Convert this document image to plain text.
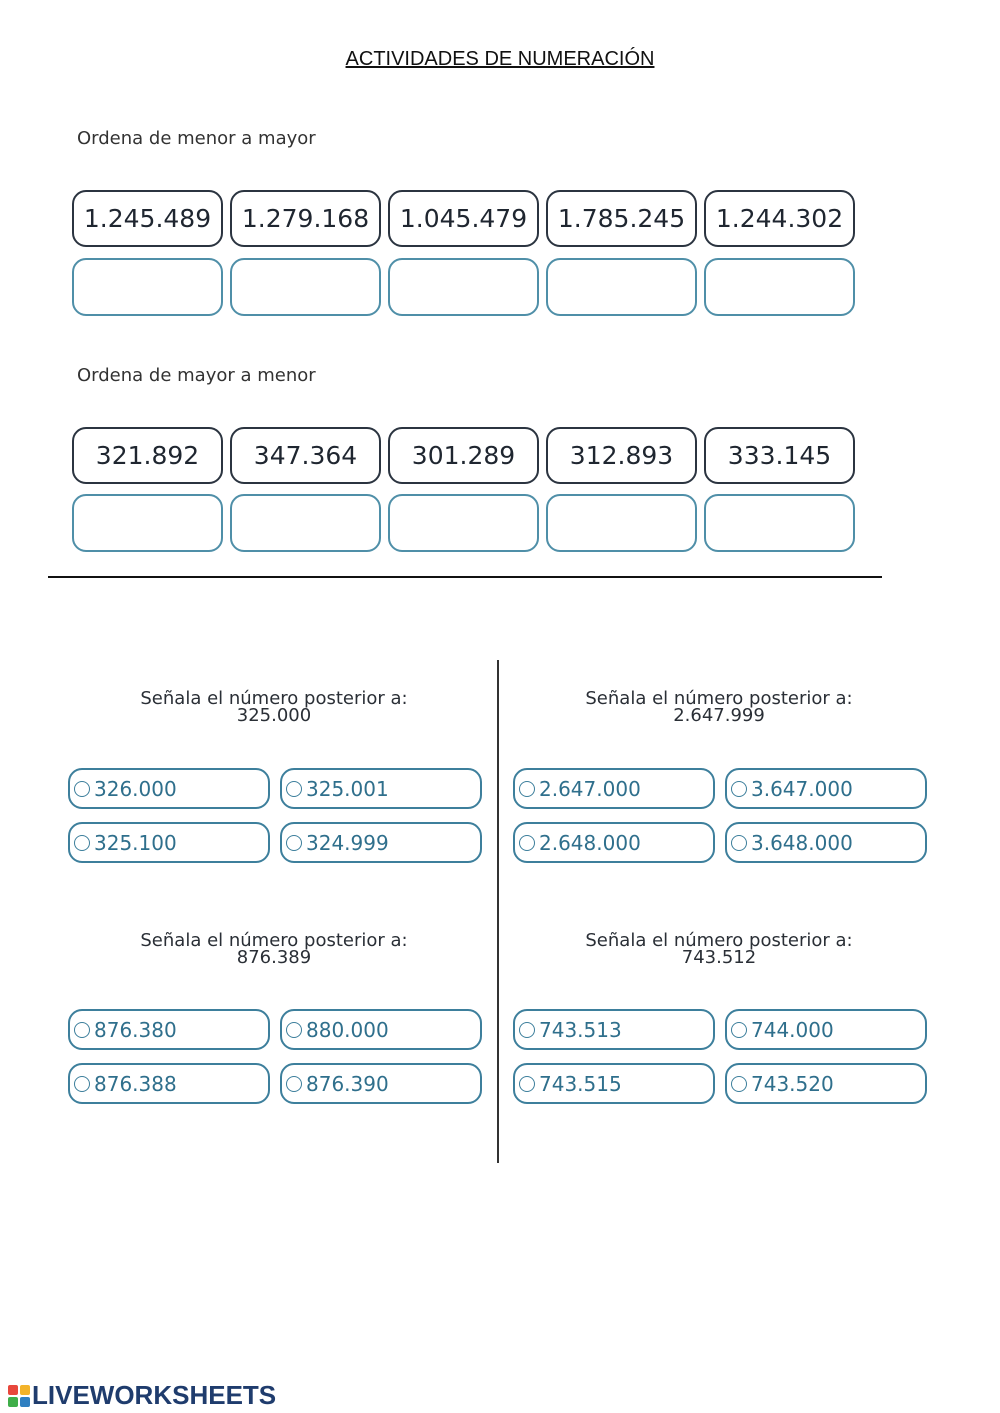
ACTIVIDADES DE NUMERACIÓN
Ordena de menor a mayor
1.245.489	1.279.168	1.045.479	1.785.245	1.244.302
Ordena de mayor a menor
321.892	347.364	301.289	312.893	333.145
Señala el número posterior a:
325.000
326.000	325.001
325.100	324.999
Señala el número posterior a:
2.647.999
2.647.000	3.647.000
2.648.000	3.648.000
Señala el número posterior a:
876.389
876.380	880.000
876.388	876.390
Señala el número posterior a:
743.512
743.513	744.000
743.515	743.520
LIVEWORKSHEETS
